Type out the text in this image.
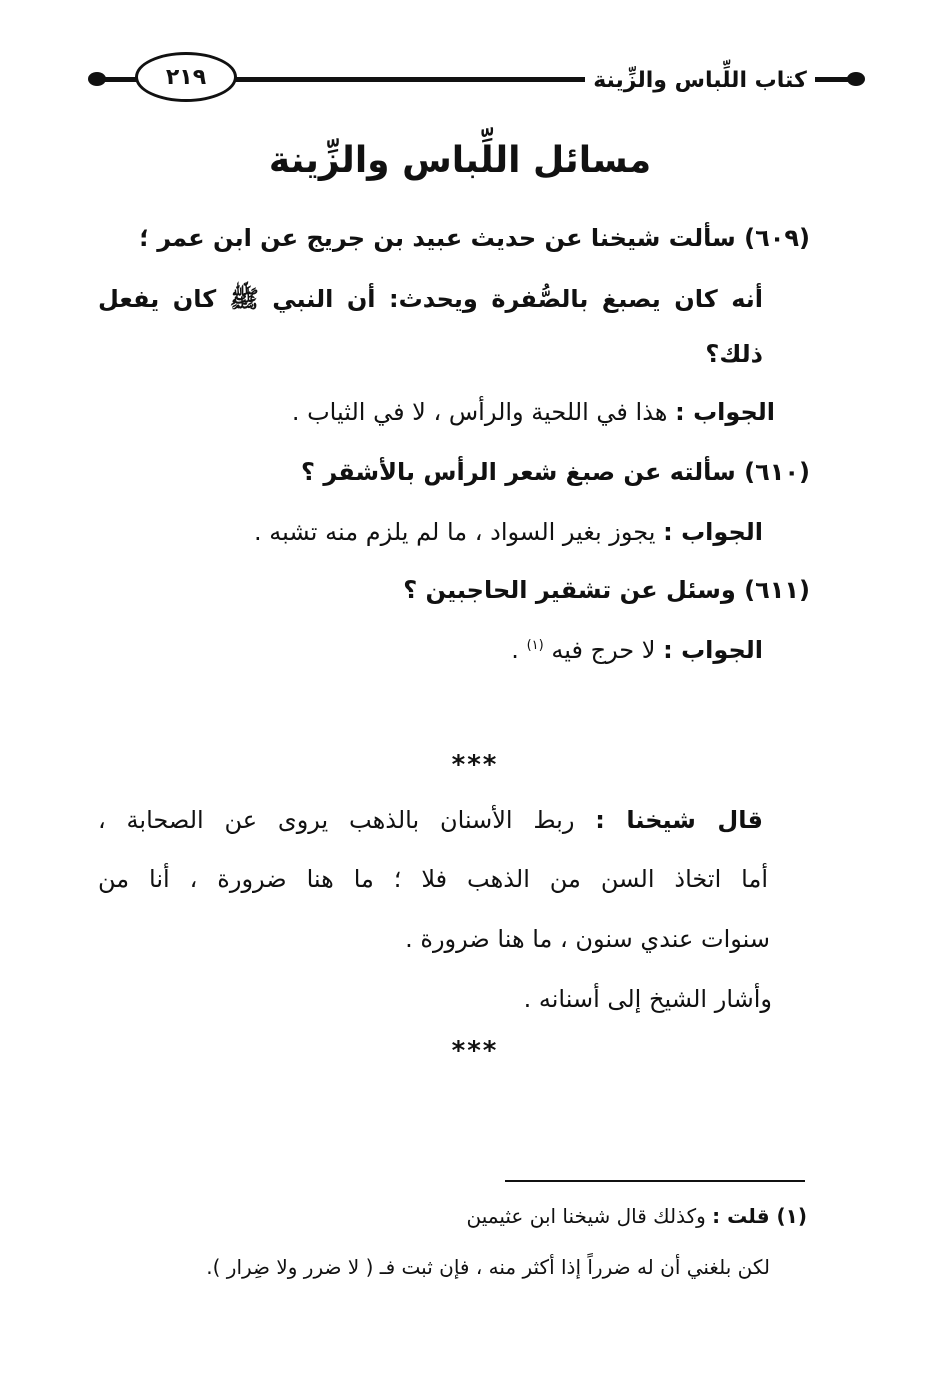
كتاب اللِّباس والزِّينة
٢١٩
مسائل اللِّباس والزِّينة
(٦٠٩) سألت شيخنا عن حديث عبيد بن جريج عن ابن عمر ؛
أنه كان يصبغ بالصُّفرة ويحدث: أن النبي ﷺ كان يفعل
ذلك؟
الجواب : هذا في اللحية والرأس ، لا في الثياب .
(٦١٠) سألته عن صبغ شعر الرأس بالأشقر ؟
الجواب : يجوز بغير السواد ، ما لم يلزم منه تشبه .
(٦١١) وسئل عن تشقير الحاجبين ؟
الجواب : لا حرج فيه $^{(١)}$ .
***
قال شيخنا : ربط الأسنان بالذهب يروى عن الصحابة ،
أما اتخاذ السن من الذهب فلا ؛ ما هنا ضرورة ، أنا من
سنوات عندي سنون ، ما هنا ضرورة .
وأشار الشيخ إلى أسنانه .
***
(١) قلت : وكذلك قال شيخنا ابن عثيمين
لكن بلغني أن له ضرراً إذا أكثر منه ، فإن ثبت فـ ( لا ضرر ولا ضِرار ).
